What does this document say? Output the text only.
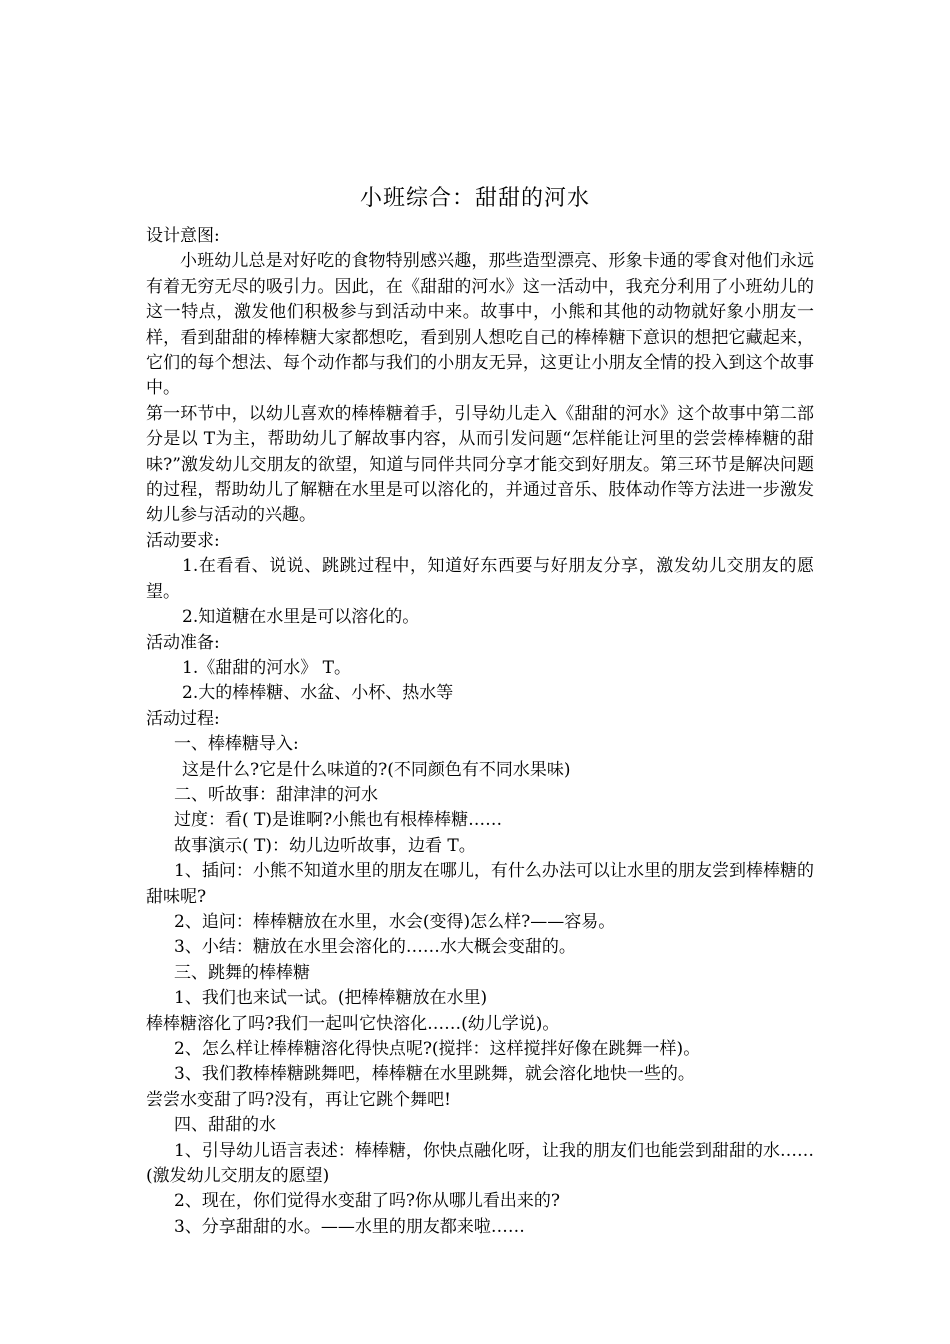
小班综合：甜甜的河水

设计意图:

小班幼儿总是对好吃的食物特别感兴趣，那些造型漂亮、形象卡通的零食对他们永远有着无穷无尽的吸引力。因此，在《甜甜的河水》这一活动中，我充分利用了小班幼儿的这一特点，激发他们积极参与到活动中来。故事中，小熊和其他的动物就好象小朋友一样，看到甜甜的棒棒糖大家都想吃，看到别人想吃自己的棒棒糖下意识的想把它藏起来，它们的每个想法、每个动作都与我们的小朋友无异，这更让小朋友全情的投入到这个故事中。

第一环节中，以幼儿喜欢的棒棒糖着手，引导幼儿走入《甜甜的河水》这个故事中第二部分是以 T为主，帮助幼儿了解故事内容，从而引发问题“怎样能让河里的尝尝棒棒糖的甜味?”激发幼儿交朋友的欲望，知道与同伴共同分享才能交到好朋友。第三环节是解决问题的过程，帮助幼儿了解糖在水里是可以溶化的，并通过音乐、肢体动作等方法进一步激发幼儿参与活动的兴趣。

活动要求:

1.在看看、说说、跳跳过程中，知道好东西要与好朋友分享，激发幼儿交朋友的愿望。

2.知道糖在水里是可以溶化的。

活动准备:

1.《甜甜的河水》 T。

2.大的棒棒糖、水盆、小杯、热水等

活动过程:

一、棒棒糖导入:

这是什么?它是什么味道的?(不同颜色有不同水果味)

二、听故事：甜津津的河水

过度：看( T)是谁啊?小熊也有根棒棒糖……

故事演示( T)：幼儿边听故事，边看 T。

1、插问：小熊不知道水里的朋友在哪儿，有什么办法可以让水里的朋友尝到棒棒糖的甜味呢?

2、追问：棒棒糖放在水里，水会(变得)怎么样?——容易。

3、小结：糖放在水里会溶化的……水大概会变甜的。

三、跳舞的棒棒糖

1、我们也来试一试。(把棒棒糖放在水里)

棒棒糖溶化了吗?我们一起叫它快溶化……(幼儿学说)。

2、怎么样让棒棒糖溶化得快点呢?(搅拌：这样搅拌好像在跳舞一样)。

3、我们教棒棒糖跳舞吧，棒棒糖在水里跳舞，就会溶化地快一些的。

尝尝水变甜了吗?没有，再让它跳个舞吧!

四、甜甜的水

1、引导幼儿语言表述：棒棒糖，你快点融化呀，让我的朋友们也能尝到甜甜的水……(激发幼儿交朋友的愿望)

2、现在，你们觉得水变甜了吗?你从哪儿看出来的?

3、分享甜甜的水。——水里的朋友都来啦……
